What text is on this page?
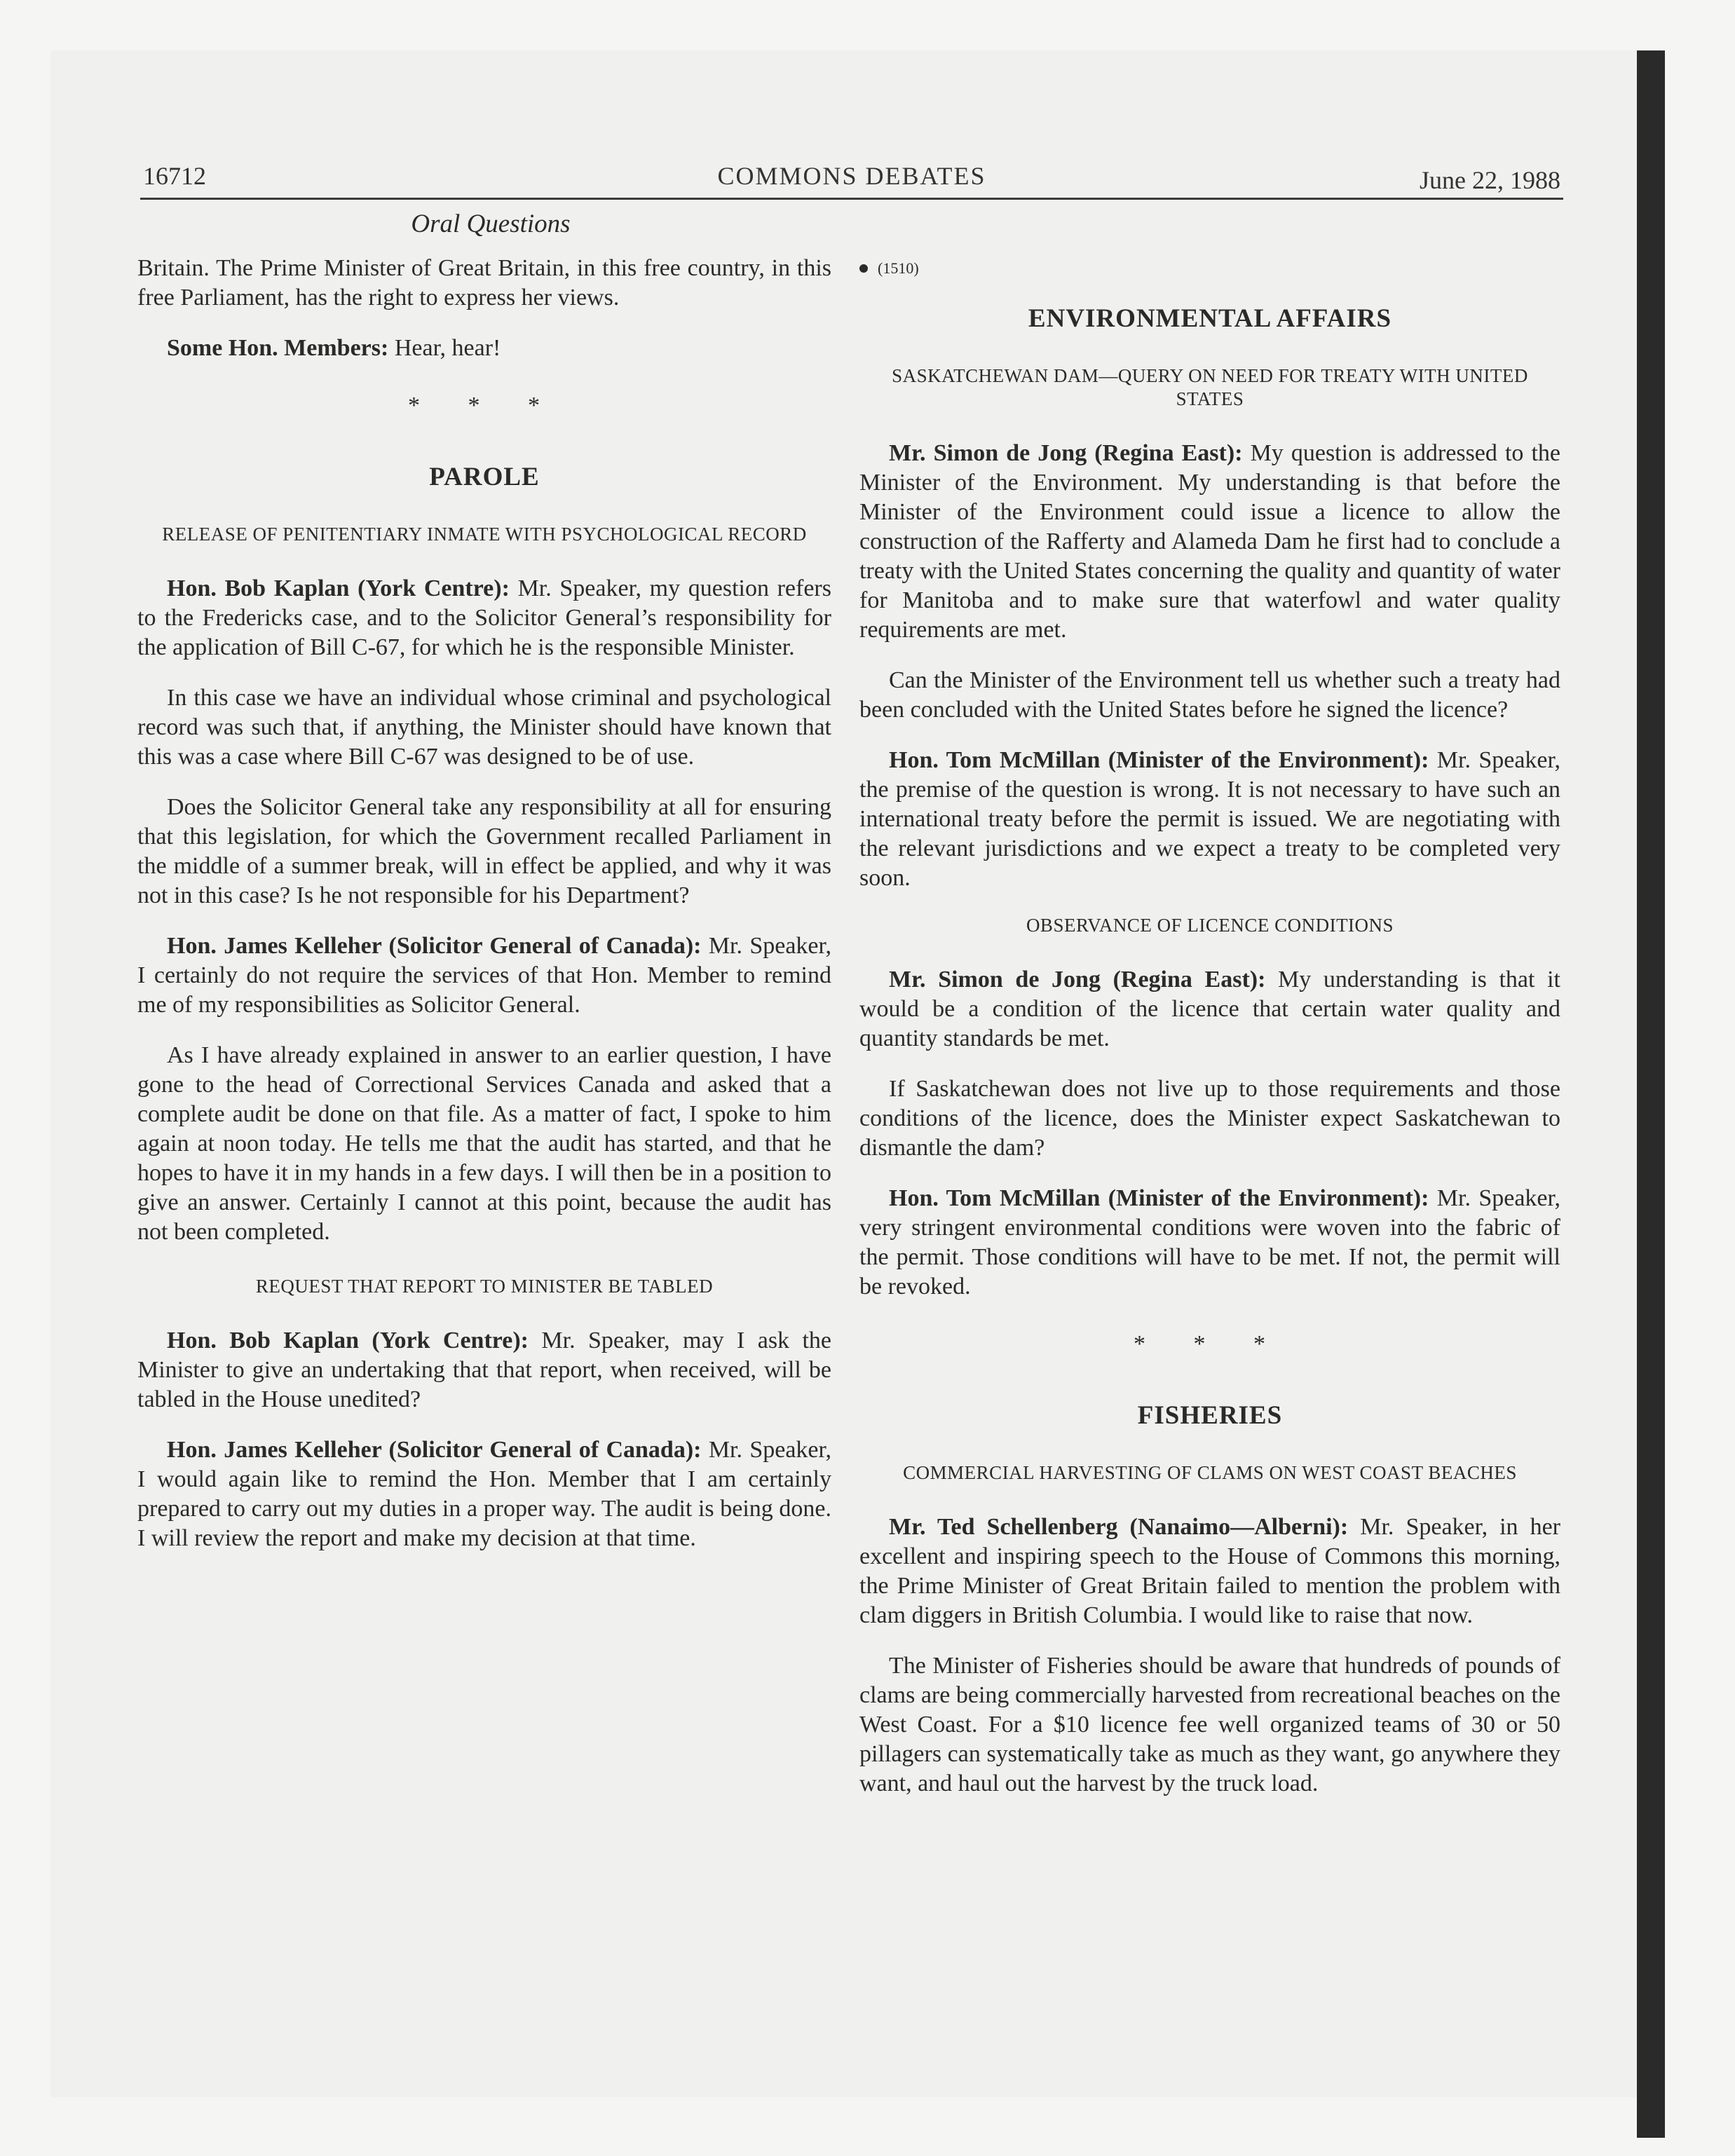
16712	COMMONS DEBATES	June 22, 1988
Oral Questions

Britain. The Prime Minister of Great Britain, in this free country, in this free Parliament, has the right to express her views.

Some Hon. Members: Hear, hear!

* * *
PAROLE
RELEASE OF PENITENTIARY INMATE WITH PSYCHOLOGICAL RECORD

Hon. Bob Kaplan (York Centre): Mr. Speaker, my question refers to the Fredericks case, and to the Solicitor General’s responsibility for the application of Bill C-67, for which he is the responsible Minister.

In this case we have an individual whose criminal and psychological record was such that, if anything, the Minister should have known that this was a case where Bill C-67 was designed to be of use.

Does the Solicitor General take any responsibility at all for ensuring that this legislation, for which the Government recalled Parliament in the middle of a summer break, will in effect be applied, and why it was not in this case? Is he not responsible for his Department?

Hon. James Kelleher (Solicitor General of Canada): Mr. Speaker, I certainly do not require the services of that Hon. Member to remind me of my responsibilities as Solicitor General.

As I have already explained in answer to an earlier question, I have gone to the head of Correctional Services Canada and asked that a complete audit be done on that file. As a matter of fact, I spoke to him again at noon today. He tells me that the audit has started, and that he hopes to have it in my hands in a few days. I will then be in a position to give an answer. Certainly I cannot at this point, because the audit has not been completed.

REQUEST THAT REPORT TO MINISTER BE TABLED

Hon. Bob Kaplan (York Centre): Mr. Speaker, may I ask the Minister to give an undertaking that that report, when received, will be tabled in the House unedited?

Hon. James Kelleher (Solicitor General of Canada): Mr. Speaker, I would again like to remind the Hon. Member that I am certainly prepared to carry out my duties in a proper way. The audit is being done. I will review the report and make my decision at that time.

(1510)
ENVIRONMENTAL AFFAIRS
SASKATCHEWAN DAM—QUERY ON NEED FOR TREATY WITH UNITED STATES

Mr. Simon de Jong (Regina East): My question is addressed to the Minister of the Environment. My understanding is that before the Minister of the Environment could issue a licence to allow the construction of the Rafferty and Alameda Dam he first had to conclude a treaty with the United States concerning the quality and quantity of water for Manitoba and to make sure that waterfowl and water quality requirements are met.

Can the Minister of the Environment tell us whether such a treaty had been concluded with the United States before he signed the licence?

Hon. Tom McMillan (Minister of the Environment): Mr. Speaker, the premise of the question is wrong. It is not necessary to have such an international treaty before the permit is issued. We are negotiating with the relevant jurisdictions and we expect a treaty to be completed very soon.

OBSERVANCE OF LICENCE CONDITIONS

Mr. Simon de Jong (Regina East): My understanding is that it would be a condition of the licence that certain water quality and quantity standards be met.

If Saskatchewan does not live up to those requirements and those conditions of the licence, does the Minister expect Saskatchewan to dismantle the dam?

Hon. Tom McMillan (Minister of the Environment): Mr. Speaker, very stringent environmental conditions were woven into the fabric of the permit. Those conditions will have to be met. If not, the permit will be revoked.

* * *
FISHERIES
COMMERCIAL HARVESTING OF CLAMS ON WEST COAST BEACHES

Mr. Ted Schellenberg (Nanaimo—Alberni): Mr. Speaker, in her excellent and inspiring speech to the House of Commons this morning, the Prime Minister of Great Britain failed to mention the problem with clam diggers in British Columbia. I would like to raise that now.

The Minister of Fisheries should be aware that hundreds of pounds of clams are being commercially harvested from recreational beaches on the West Coast. For a $10 licence fee well organized teams of 30 or 50 pillagers can systematically take as much as they want, go anywhere they want, and haul out the harvest by the truck load.
